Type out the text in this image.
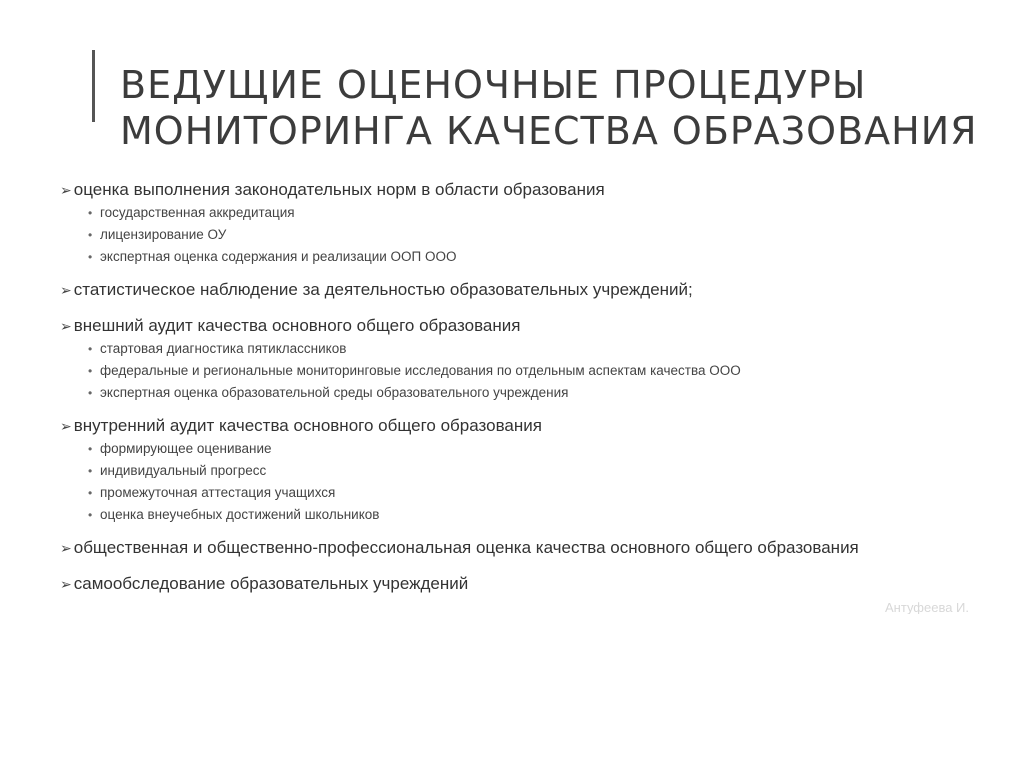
ВЕДУЩИЕ ОЦЕНОЧНЫЕ ПРОЦЕДУРЫ
МОНИТОРИНГА КАЧЕСТВА ОБРАЗОВАНИЯ
➢ оценка выполнения законодательных норм в области образования
• государственная аккредитация
• лицензирование ОУ
• экспертная оценка содержания и реализации ООП ООО
➢ статистическое наблюдение за деятельностью образовательных учреждений;
➢ внешний аудит качества основного общего образования
• стартовая диагностика пятиклассников
• федеральные и региональные мониторинговые исследования по отдельным аспектам качества ООО
• экспертная оценка образовательной среды образовательного учреждения
➢ внутренний аудит качества основного общего образования
• формирующее оценивание
• индивидуальный прогресс
• промежуточная аттестация учащихся
• оценка внеучебных достижений школьников
➢ общественная и общественно-профессиональная оценка качества основного общего образования
➢ самообследование образовательных учреждений
Антуфеева И.
